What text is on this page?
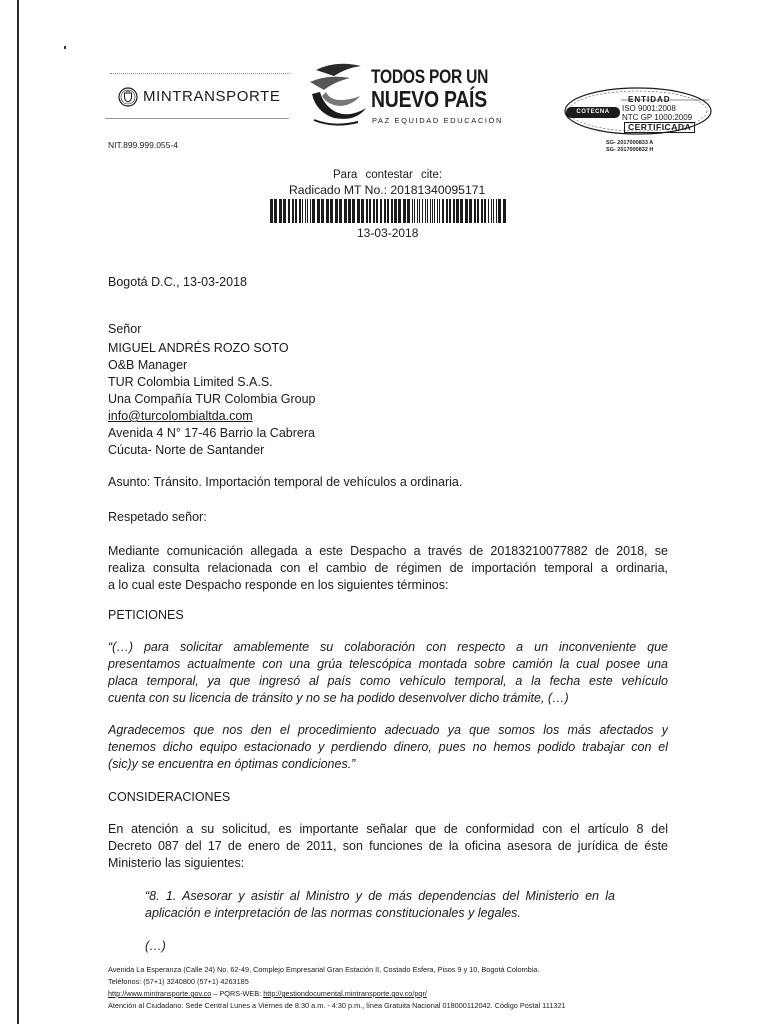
MINTRANSPORTE
TODOS POR UN
NUEVO PAÍS
PAZ EQUIDAD EDUCACIÓN
COTECNA
ENTIDAD
ISO 9001:2008
NTC GP 1000:2009
CERTIFICADA
SG- 2017000833 A
SG- 2017000832 H
NIT.899.999.055-4
Para contestar cite:
Radicado MT No.: 20181340095171
13-03-2018
Bogotá D.C., 13-03-2018
Señor
MIGUEL ANDRÉS ROZO SOTO
O&B Manager
TUR Colombia Limited S.A.S.
Una Compañía TUR Colombia Group
info@turcolombialtda.com
Avenida 4 N° 17-46 Barrio la Cabrera
Cúcuta- Norte de Santander
Asunto: Tránsito. Importación temporal de vehículos a ordinaria.
Respetado señor:
Mediante comunicación allegada a este Despacho a través de 20183210077882 de 2018, se
realiza consulta relacionada con el cambio de régimen de importación temporal a ordinaria,
a lo cual este Despacho responde en los siguientes términos:
PETICIONES
“(…) para solicitar amablemente su colaboración con respecto a un inconveniente que
presentamos actualmente con una grúa telescópica montada sobre camión la cual posee una
placa temporal, ya que ingresó al país como vehículo temporal, a la fecha este vehículo
cuenta con su licencia de tránsito y no se ha podido desenvolver dicho trámite, (…)
Agradecemos que nos den el procedimiento adecuado ya que somos los más afectados y
tenemos dicho equipo estacionado y perdiendo dinero, pues no hemos podido trabajar con el
(sic)y se encuentra en óptimas condiciones.”
CONSIDERACIONES
En atención a su solicitud, es importante señalar que de conformidad con el artículo 8 del
Decreto 087 del 17 de enero de 2011, son funciones de la oficina asesora de jurídica de éste
Ministerio las siguientes:
“8. 1. Asesorar y asistir al Ministro y de más dependencias del Ministerio en la
aplicación e interpretación de las normas constitucionales y legales.
(…)
Avenida La Esperanza (Calle 24) No. 62-49, Complejo Empresarial Gran Estación II, Costado Esfera, Pisos 9 y 10, Bogotá Colombia.
Teléfonos: (57+1) 3240800 (57+1) 4263185
http://www.mintransporte.gov.co – PQRS-WEB: http://gestiondocumental.mintransporte.gov.co/pqr/
Atención al Ciudadano: Sede Central Lunes a Viernes de 8:30 a.m. - 4:30 p.m., línea Gratuita Nacional 018000112042. Código Postal 111321
